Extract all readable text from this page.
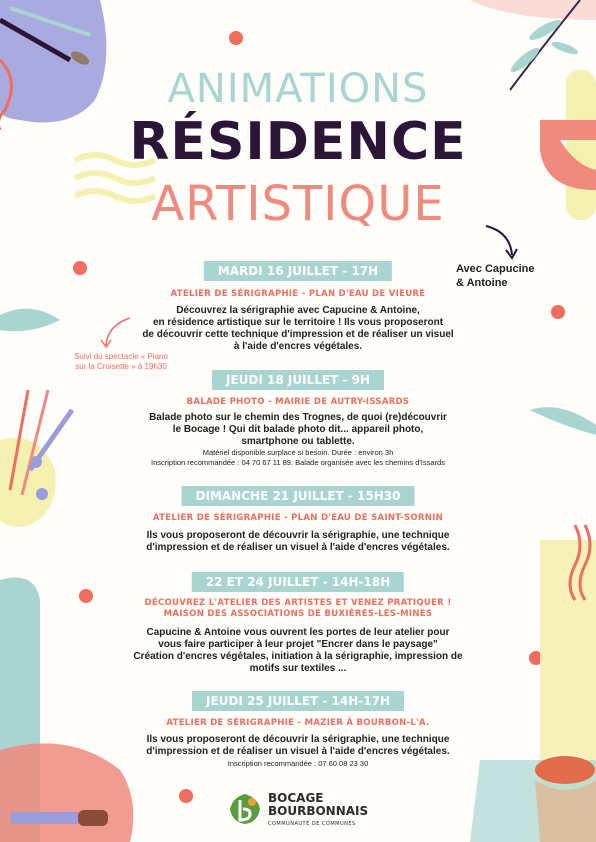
ANIMATIONS
RÉSIDENCE
ARTISTIQUE
Avec Capucine
& Antoine
Suivi du spectacle « Piano
sur la Croisette » à 19h30
MARDI 16 JUILLET - 17H
ATELIER DE SÉRIGRAPHIE - PLAN D'EAU DE VIEURE
Découvrez la sérigraphie avec Capucine & Antoine,
en résidence artistique sur le territoire ! Ils vous proposeront
de découvrir cette technique d'impression et de réaliser un visuel
à l'aide d'encres végétales.
JEUDI 18 JUILLET - 9H
BALADE PHOTO - MAIRIE DE AUTRY-ISSARDS
Balade photo sur le chemin des Trognes, de quoi (re)découvrir
le Bocage ! Qui dit balade photo dit... appareil photo,
smartphone ou tablette.
Matériel disponible surplace si besoin. Durée : environ 3h
Inscription recommandée : 04 70 67 11 89. Balade organisée avec les chemins d'Issards
DIMANCHE 21 JUILLET - 15H30
ATELIER DE SÉRIGRAPHIE - PLAN D'EAU DE SAINT-SORNIN
Ils vous proposeront de découvrir la sérigraphie, une technique
d'impression et de réaliser un visuel à l'aide d'encres végétales.
22 ET 24 JUILLET - 14H-18H
DÉCOUVREZ L'ATELIER DES ARTISTES ET VENEZ PRATIQUER !
MAISON DES ASSOCIATIONS DE BUXIÈRES-LES-MINES
Capucine & Antoine vous ouvrent les portes de leur atelier pour
vous faire participer à leur projet "Encrer dans le paysage"
Création d'encres végétales, initiation à la sérigraphie, impression de
motifs sur textiles ...
JEUDI 25 JUILLET - 14H-17H
ATELIER DE SÉRIGRAPHIE - MAZIER À BOURBON-L'A.
Ils vous proposeront de découvrir la sérigraphie, une technique
d'impression et de réaliser un visuel à l'aide d'encres végétales.
Inscription recommandée : 07 60 08 23 30
BOCAGE
BOURBONNAIS
COMMUNAUTÉ DE COMMUNES
